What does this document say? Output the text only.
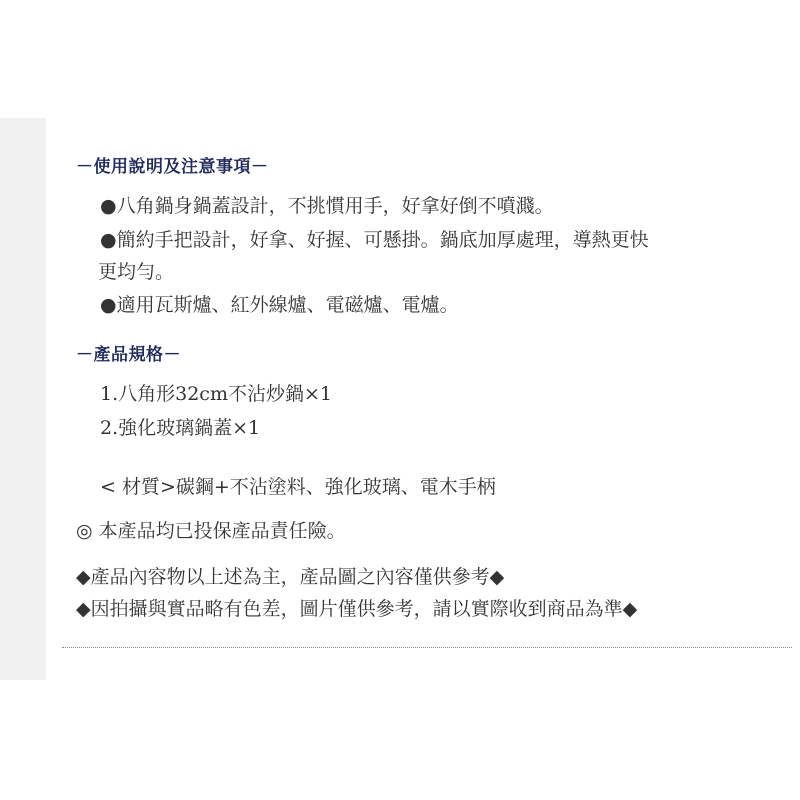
－使用說明及注意事項－
●八角鍋身鍋蓋設計，不挑慣用手，好拿好倒不噴濺。
●簡約手把設計，好拿、好握、可懸掛。鍋底加厚處理，導熱更快
更均勻。
●適用瓦斯爐、紅外線爐、電磁爐、電爐。
－產品規格－
1.八角形32cm不沾炒鍋×1
2.強化玻璃鍋蓋×1
< 材質>碳鋼+不沾塗料、強化玻璃、電木手柄
◎ 本產品均已投保產品責任險。
◆產品內容物以上述為主，產品圖之內容僅供參考◆
◆因拍攝與實品略有色差，圖片僅供參考，請以實際收到商品為準◆
